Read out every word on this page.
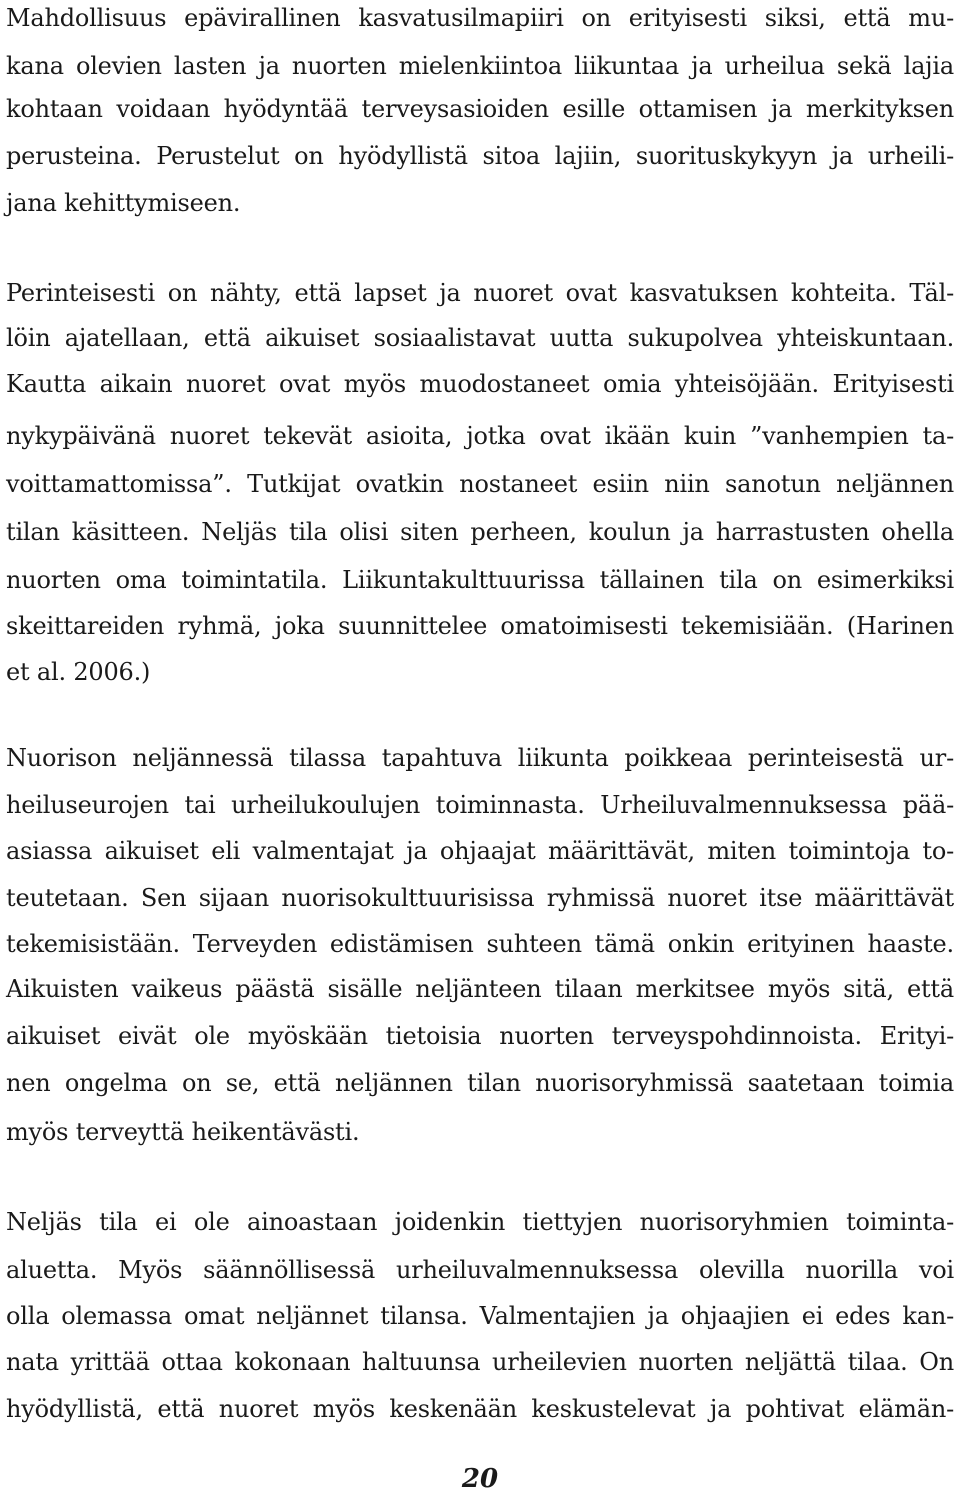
Mahdollisuus epävirallinen kasvatusilmapiiri on erityisesti siksi, että mu-
kana olevien lasten ja nuorten mielenkiintoa liikuntaa ja urheilua sekä lajia
kohtaan voidaan hyödyntää terveysasioiden esille ottamisen ja merkityksen
perusteina. Perustelut on hyödyllistä sitoa lajiin, suorituskykyyn ja urheili-
jana kehittymiseen.
Perinteisesti on nähty, että lapset ja nuoret ovat kasvatuksen kohteita. Täl-
löin ajatellaan, että aikuiset sosiaalistavat uutta sukupolvea yhteiskuntaan.
Kautta aikain nuoret ovat myös muodostaneet omia yhteisöjään. Erityisesti
nykypäivänä nuoret tekevät asioita, jotka ovat ikään kuin ”vanhempien ta-
voittamattomissa”. Tutkijat ovatkin nostaneet esiin niin sanotun neljännen
tilan käsitteen. Neljäs tila olisi siten perheen, koulun ja harrastusten ohella
nuorten oma toimintatila. Liikuntakulttuurissa tällainen tila on esimerkiksi
skeittareiden ryhmä, joka suunnittelee omatoimisesti tekemisiään. (Harinen
et al. 2006.)
Nuorison neljännessä tilassa tapahtuva liikunta poikkeaa perinteisestä ur-
heiluseurojen tai urheilukoulujen toiminnasta. Urheiluvalmennuksessa pää-
asiassa aikuiset eli valmentajat ja ohjaajat määrittävät, miten toimintoja to-
teutetaan. Sen sijaan nuorisokulttuurisissa ryhmissä nuoret itse määrittävät
tekemisistään. Terveyden edistämisen suhteen tämä onkin erityinen haaste.
Aikuisten vaikeus päästä sisälle neljänteen tilaan merkitsee myös sitä, että
aikuiset eivät ole myöskään tietoisia nuorten terveyspohdinnoista. Erityi-
nen ongelma on se, että neljännen tilan nuorisoryhmissä saatetaan toimia
myös terveyttä heikentävästi.
Neljäs tila ei ole ainoastaan joidenkin tiettyjen nuorisoryhmien toiminta-
aluetta. Myös säännöllisessä urheiluvalmennuksessa olevilla nuorilla voi
olla olemassa omat neljännet tilansa. Valmentajien ja ohjaajien ei edes kan-
nata yrittää ottaa kokonaan haltuunsa urheilevien nuorten neljättä tilaa. On
hyödyllistä, että nuoret myös keskenään keskustelevat ja pohtivat elämän-
20
